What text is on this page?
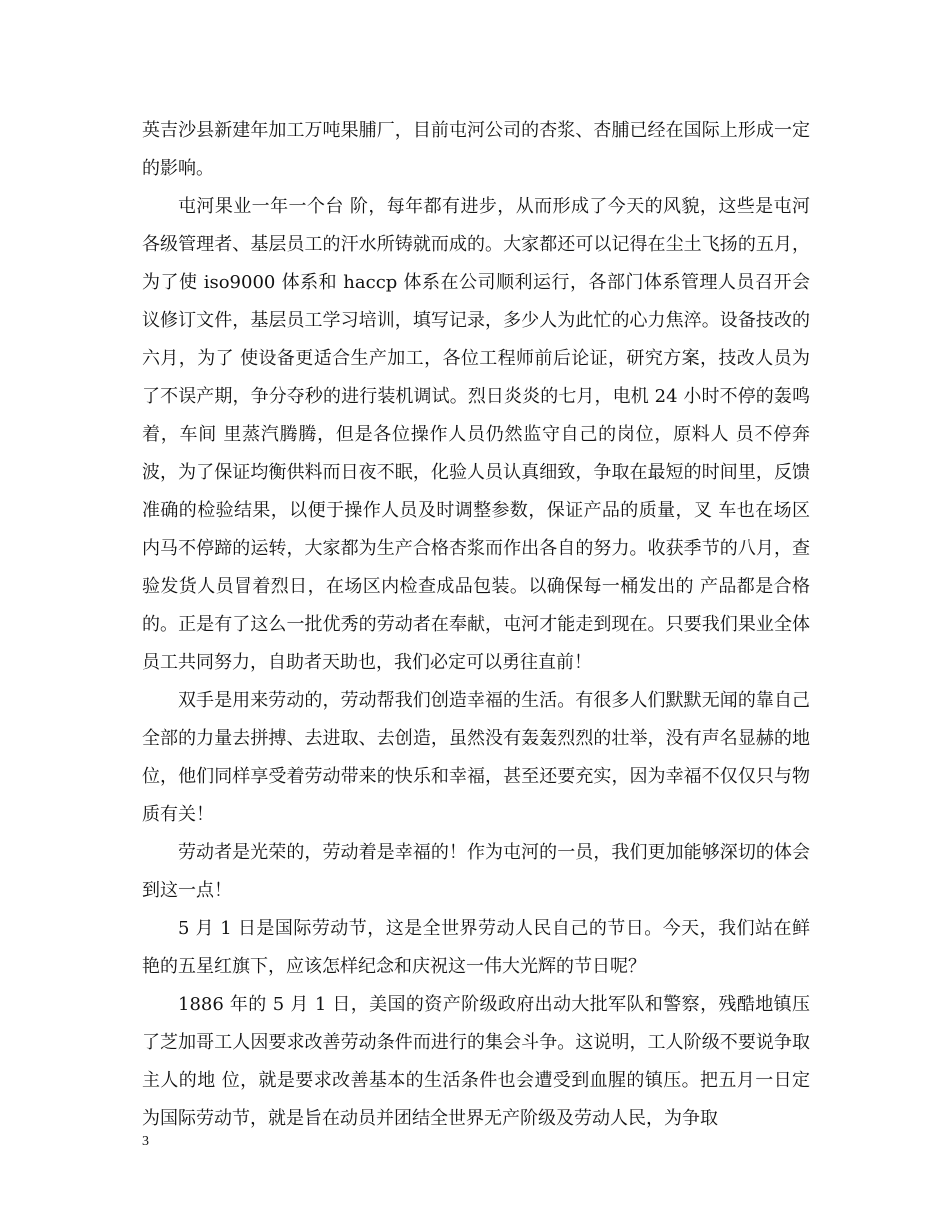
英吉沙县新建年加工万吨果脯厂，目前屯河公司的杏浆、杏脯已经在国际上形成一定的影响。

屯河果业一年一个台 阶，每年都有进步，从而形成了今天的风貌，这些是屯河各级管理者、基层员工的汗水所铸就而成的。大家都还可以记得在尘土飞扬的五月，为了使 iso9000 体系和 haccp 体系在公司顺利运行，各部门体系管理人员召开会议修订文件，基层员工学习培训，填写记录，多少人为此忙的心力焦淬。设备技改的六月，为了 使设备更适合生产加工，各位工程师前后论证，研究方案，技改人员为了不误产期，争分夺秒的进行装机调试。烈日炎炎的七月，电机 24 小时不停的轰鸣着，车间 里蒸汽腾腾，但是各位操作人员仍然监守自己的岗位，原料人 员不停奔波，为了保证均衡供料而日夜不眠，化验人员认真细致，争取在最短的时间里，反馈准确的检验结果，以便于操作人员及时调整参数，保证产品的质量，叉 车也在场区内马不停蹄的运转，大家都为生产合格杏浆而作出各自的努力。收获季节的八月，查验发货人员冒着烈日，在场区内检查成品包装。以确保每一桶发出的 产品都是合格的。正是有了这么一批优秀的劳动者在奉献，屯河才能走到现在。只要我们果业全体员工共同努力，自助者天助也，我们必定可以勇往直前！

双手是用来劳动的，劳动帮我们创造幸福的生活。有很多人们默默无闻的靠自己全部的力量去拼搏、去进取、去创造，虽然没有轰轰烈烈的壮举，没有声名显赫的地位，他们同样享受着劳动带来的快乐和幸福，甚至还要充实，因为幸福不仅仅只与物质有关！

劳动者是光荣的，劳动着是幸福的！作为屯河的一员，我们更加能够深切的体会到这一点！

5 月 1 日是国际劳动节，这是全世界劳动人民自己的节日。今天，我们站在鲜艳的五星红旗下，应该怎样纪念和庆祝这一伟大光辉的节日呢？

1886 年的 5 月 1 日，美国的资产阶级政府出动大批军队和警察，残酷地镇压了芝加哥工人因要求改善劳动条件而进行的集会斗争。这说明，工人阶级不要说争取主人的地 位，就是要求改善基本的生活条件也会遭受到血腥的镇压。把五月一日定为国际劳动节，就是旨在动员并团结全世界无产阶级及劳动人民，为争取

3
